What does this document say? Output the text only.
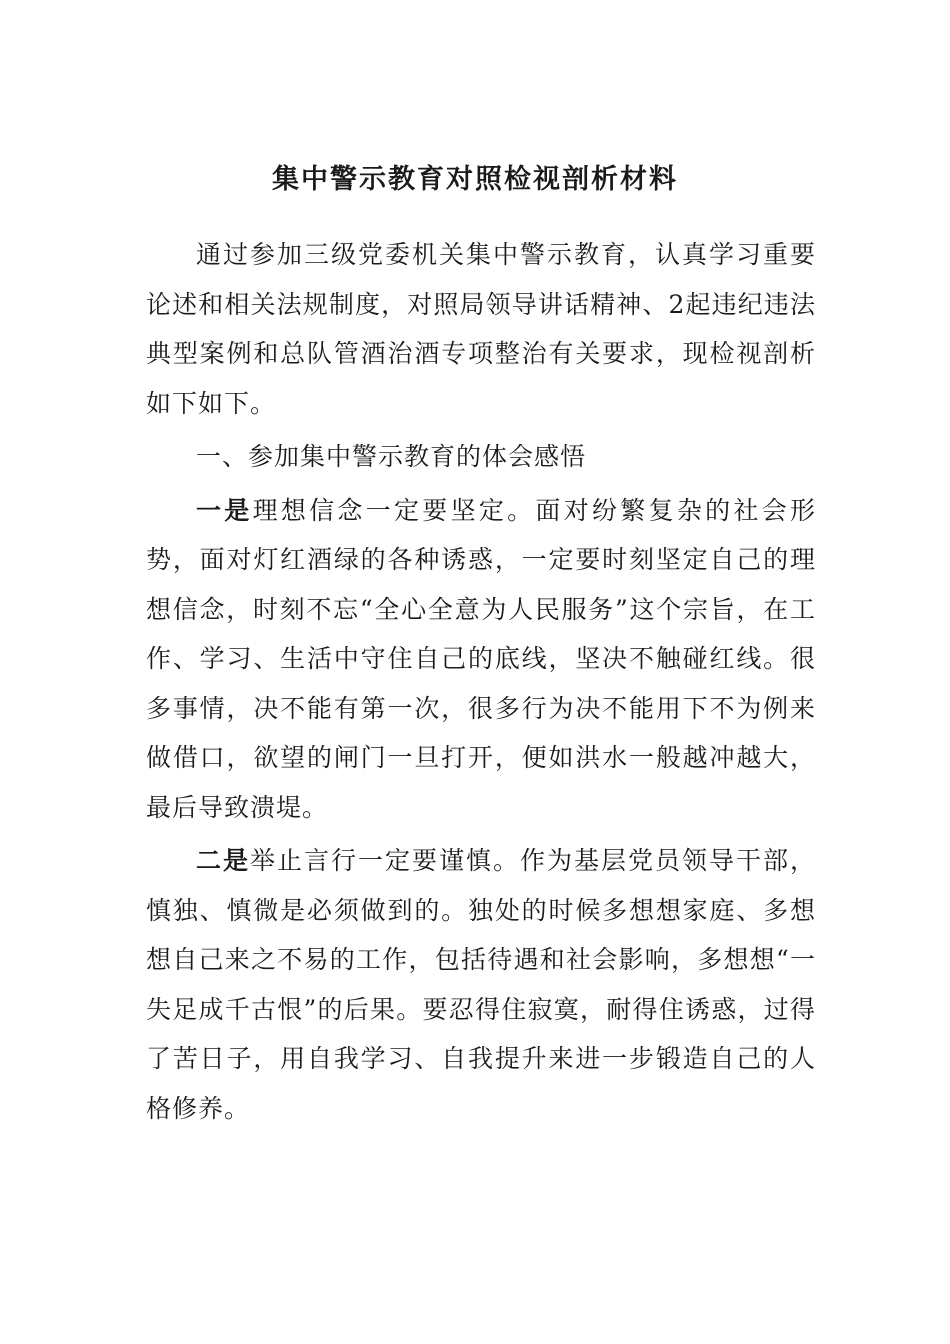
集中警示教育对照检视剖析材料

通过参加三级党委机关集中警示教育，认真学习重要论述和相关法规制度，对照局领导讲话精神、2起违纪违法典型案例和总队管酒治酒专项整治有关要求，现检视剖析如下如下。

一、参加集中警示教育的体会感悟

一是理想信念一定要坚定。面对纷繁复杂的社会形势，面对灯红酒绿的各种诱惑，一定要时刻坚定自己的理想信念，时刻不忘“全心全意为人民服务”这个宗旨，在工作、学习、生活中守住自己的底线，坚决不触碰红线。很多事情，决不能有第一次，很多行为决不能用下不为例来做借口，欲望的闸门一旦打开，便如洪水一般越冲越大，最后导致溃堤。

二是举止言行一定要谨慎。作为基层党员领导干部，慎独、慎微是必须做到的。独处的时候多想想家庭、多想想自己来之不易的工作，包括待遇和社会影响，多想想“一失足成千古恨”的后果。要忍得住寂寞，耐得住诱惑，过得了苦日子，用自我学习、自我提升来进一步锻造自己的人格修养。
